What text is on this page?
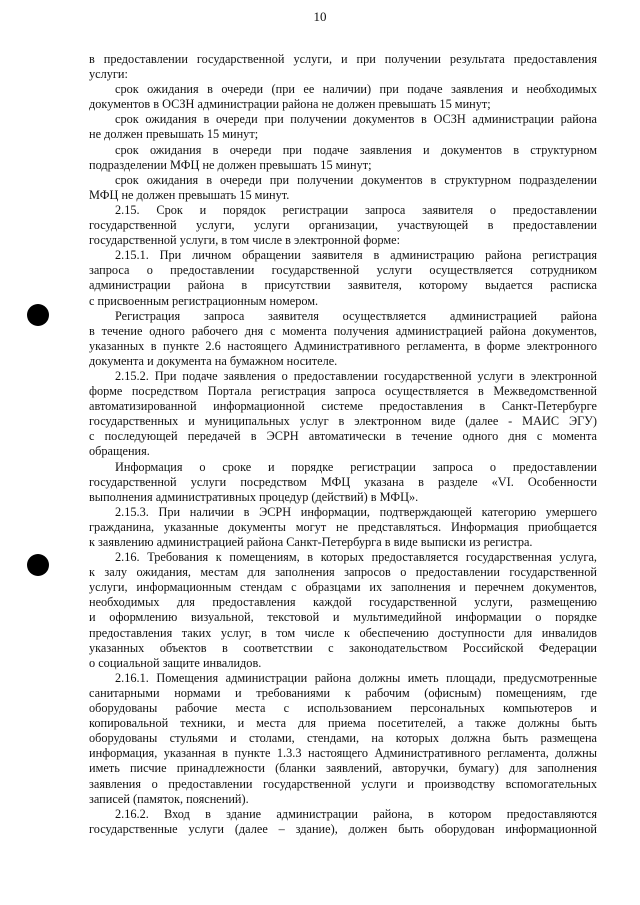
10
в предоставлении государственной услуги, и при получении результата предоставления
услуги:
срок ожидания в очереди (при ее наличии) при подаче заявления и необходимых
документов в ОСЗН администрации района не должен превышать 15 минут;
срок ожидания в очереди при получении документов в ОСЗН администрации района
не должен превышать 15 минут;
срок ожидания в очереди при подаче заявления и документов в структурном
подразделении МФЦ не должен превышать 15 минут;
срок ожидания в очереди при получении документов в структурном подразделении
МФЦ не должен превышать 15 минут.
2.15. Срок и порядок регистрации запроса заявителя о предоставлении
государственной услуги, услуги организации, участвующей в предоставлении
государственной услуги, в том числе в электронной форме:
2.15.1. При личном обращении заявителя в администрацию района регистрация
запроса о предоставлении государственной услуги осуществляется сотрудником
администрации района в присутствии заявителя, которому выдается расписка
с присвоенным регистрационным номером.
Регистрация запроса заявителя осуществляется администрацией района
в течение одного рабочего дня с момента получения администрацией района документов,
указанных в пункте 2.6 настоящего Административного регламента, в форме электронного
документа и документа на бумажном носителе.
2.15.2. При подаче заявления о предоставлении государственной услуги в электронной
форме посредством Портала регистрация запроса осуществляется в Межведомственной
автоматизированной информационной системе предоставления в Санкт-Петербурге
государственных и муниципальных услуг в электронном виде (далее - МАИС ЭГУ)
с последующей передачей в ЭСРН автоматически в течение одного дня с момента
обращения.
Информация о сроке и порядке регистрации запроса о предоставлении
государственной услуги посредством МФЦ указана в разделе «VI. Особенности
выполнения административных процедур (действий) в МФЦ».
2.15.3. При наличии в ЭСРН информации, подтверждающей категорию умершего
гражданина, указанные документы могут не представляться. Информация приобщается
к заявлению администрацией района Санкт-Петербурга в виде выписки из регистра.
2.16. Требования к помещениям, в которых предоставляется государственная услуга,
к залу ожидания, местам для заполнения запросов о предоставлении государственной
услуги, информационным стендам с образцами их заполнения и перечнем документов,
необходимых для предоставления каждой государственной услуги, размещению
и оформлению визуальной, текстовой и мультимедийной информации о порядке
предоставления таких услуг, в том числе к обеспечению доступности для инвалидов
указанных объектов в соответствии с законодательством Российской Федерации
о социальной защите инвалидов.
2.16.1. Помещения администрации района должны иметь площади, предусмотренные
санитарными нормами и требованиями к рабочим (офисным) помещениям, где
оборудованы рабочие места с использованием персональных компьютеров и
копировальной техники, и места для приема посетителей, а также должны быть
оборудованы стульями и столами, стендами, на которых должна быть размещена
информация, указанная в пункте 1.3.3 настоящего Административного регламента, должны
иметь писчие принадлежности (бланки заявлений, авторучки, бумагу) для заполнения
заявления о предоставлении государственной услуги и производству вспомогательных
записей (памяток, пояснений).
2.16.2. Вход в здание администрации района, в котором предоставляются
государственные услуги (далее – здание), должен быть оборудован информационной
